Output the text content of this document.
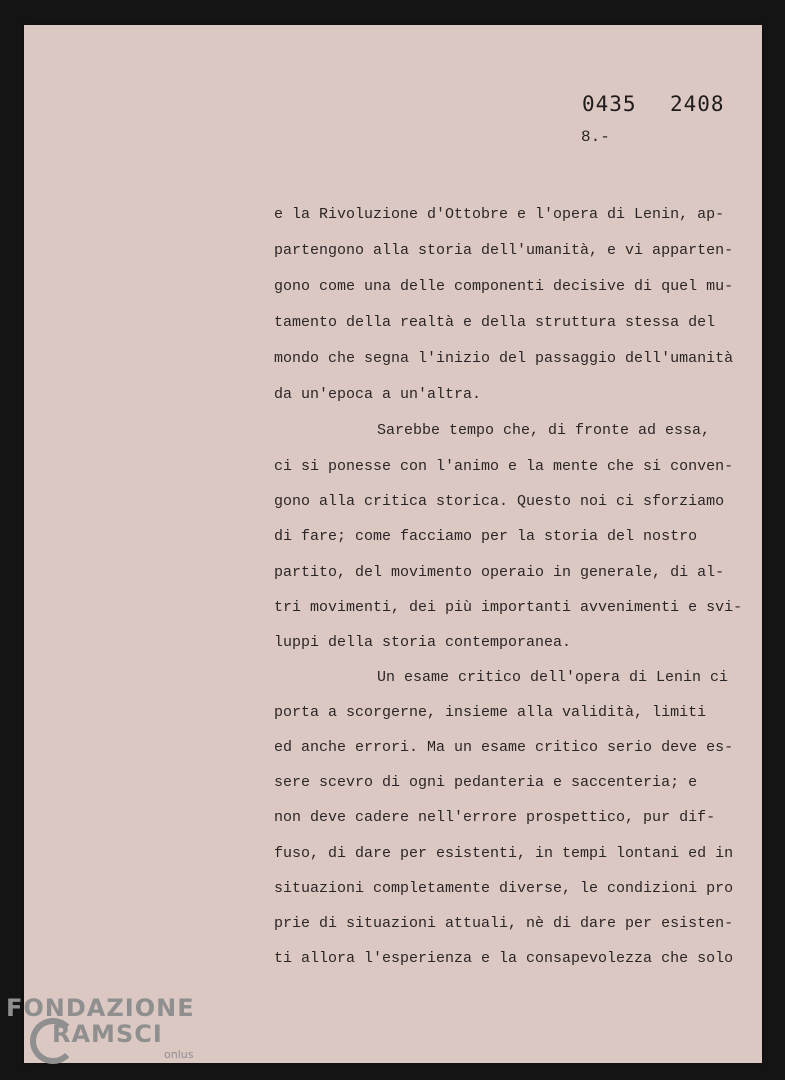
0435 2408
8.-
e la Rivoluzione d'Ottobre e l'opera di Lenin, ap-
partengono alla storia dell'umanità, e vi apparten-
gono come una delle componenti decisive di quel mu-
tamento della realtà e della struttura stessa del
mondo che segna l'inizio del passaggio dell'umanità
da un'epoca a un'altra.
Sarebbe tempo che, di fronte ad essa,
ci si ponesse con l'animo e la mente che si conven-
gono alla critica storica. Questo noi ci sforziamo
di fare; come facciamo per la storia del nostro
partito, del movimento operaio in generale, di al-
tri movimenti, dei più importanti avvenimenti e svi-
luppi della storia contemporanea.
Un esame critico dell'opera di Lenin ci
porta a scorgerne, insieme alla validità, limiti
ed anche errori. Ma un esame critico serio deve es-
sere scevro di ogni pedanteria e saccenteria; e
non deve cadere nell'errore prospettico, pur dif-
fuso, di dare per esistenti, in tempi lontani ed in
situazioni completamente diverse, le condizioni pro
prie di situazioni attuali, nè di dare per esisten-
ti allora l'esperienza e la consapevolezza che solo
FONDAZIONE
RAMSCI
onlus
